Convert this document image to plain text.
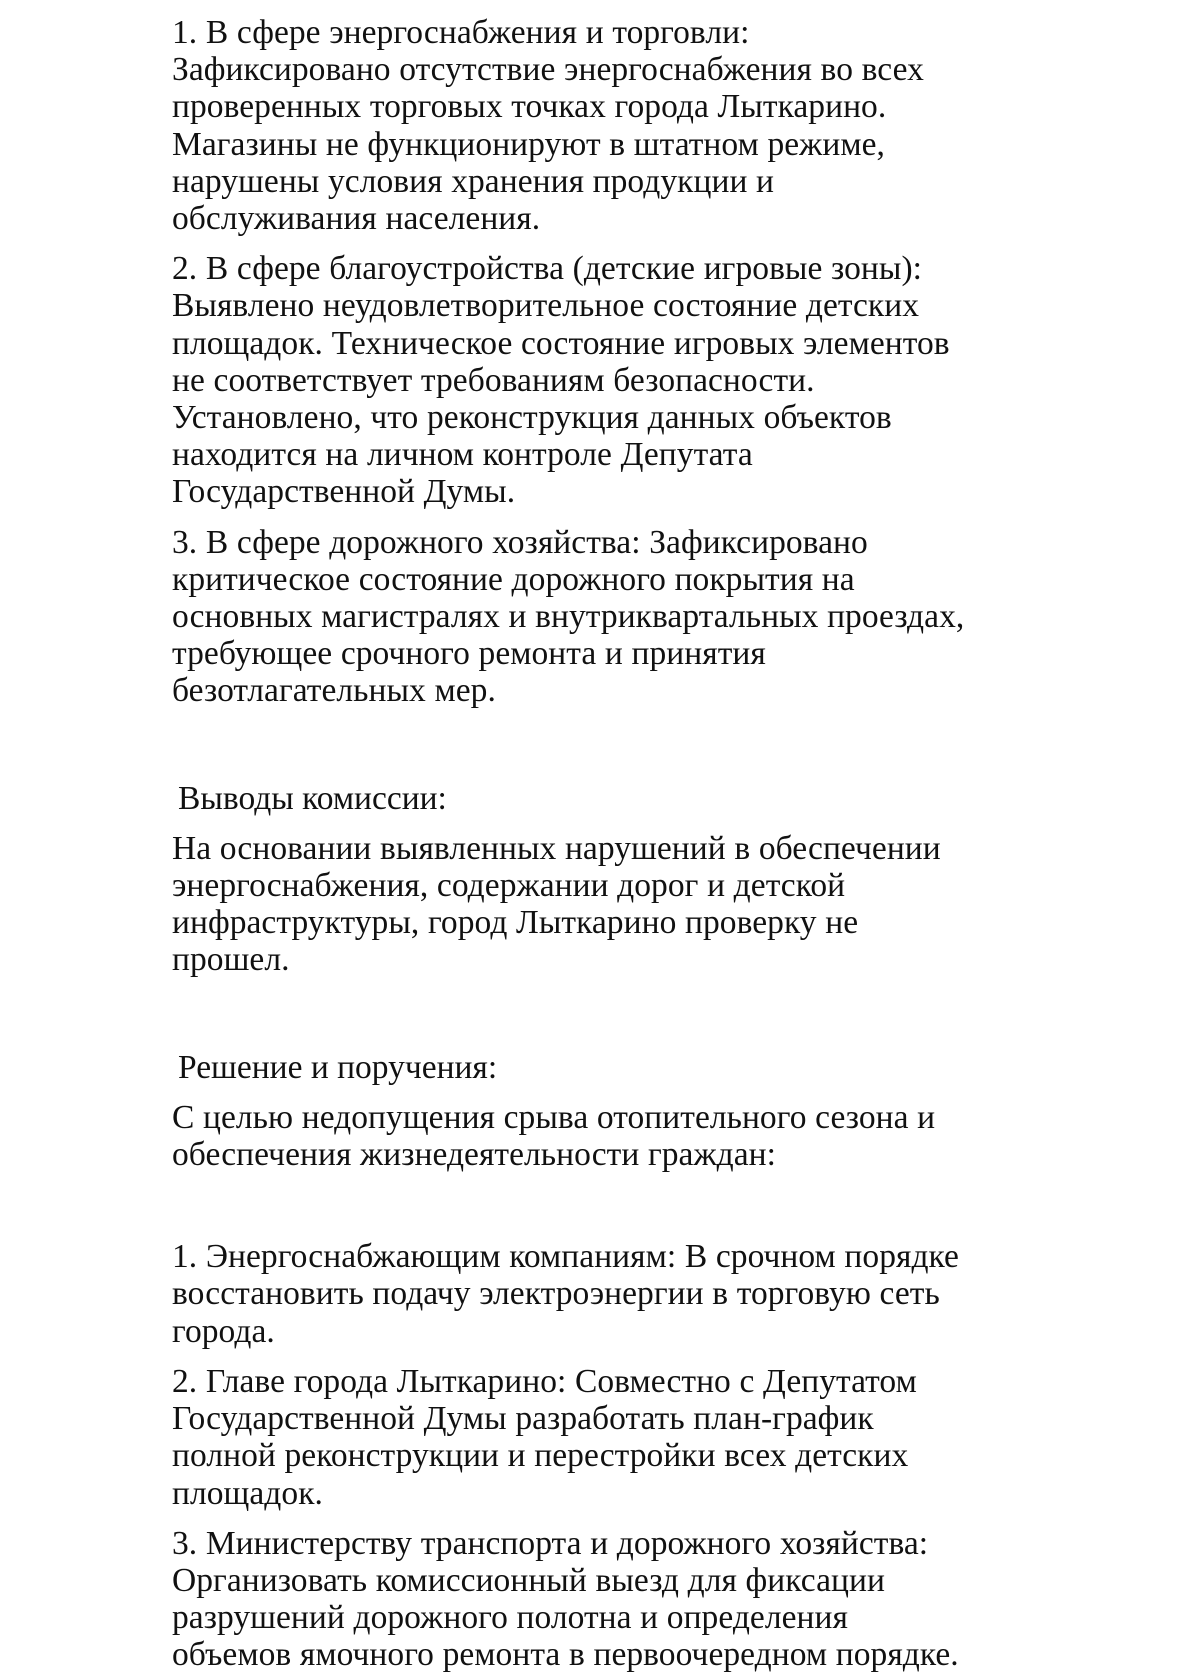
1. В сфере энергоснабжения и торговли: Зафиксировано отсутствие энергоснабжения во всех проверенных торговых точках города Лыткарино. Магазины не функционируют в штатном режиме, нарушены условия хранения продукции и обслуживания населения.

2. В сфере благоустройства (детские игровые зоны): Выявлено неудовлетворительное состояние детских площадок. Техническое состояние игровых элементов не соответствует требованиям безопасности. Установлено, что реконструкция данных объектов находится на личном контроле Депутата Государственной Думы.

3. В сфере дорожного хозяйства: Зафиксировано критическое состояние дорожного покрытия на основных магистралях и внутриквартальных проездах, требующее срочного ремонта и принятия безотлагательных мер.

Выводы комиссии:

На основании выявленных нарушений в обеспечении энергоснабжения, содержании дорог и детской инфраструктуры, город Лыткарино проверку не прошел.

Решение и поручения:

С целью недопущения срыва отопительного сезона и обеспечения жизнедеятельности граждан:

1. Энергоснабжающим компаниям: В срочном порядке восстановить подачу электроэнергии в торговую сеть города.

2. Главе города Лыткарино: Совместно с Депутатом Государственной Думы разработать план-график полной реконструкции и перестройки всех детских площадок.

3. Министерству транспорта и дорожного хозяйства: Организовать комиссионный выезд для фиксации разрушений дорожного полотна и определения объемов ямочного ремонта в первоочередном порядке.
